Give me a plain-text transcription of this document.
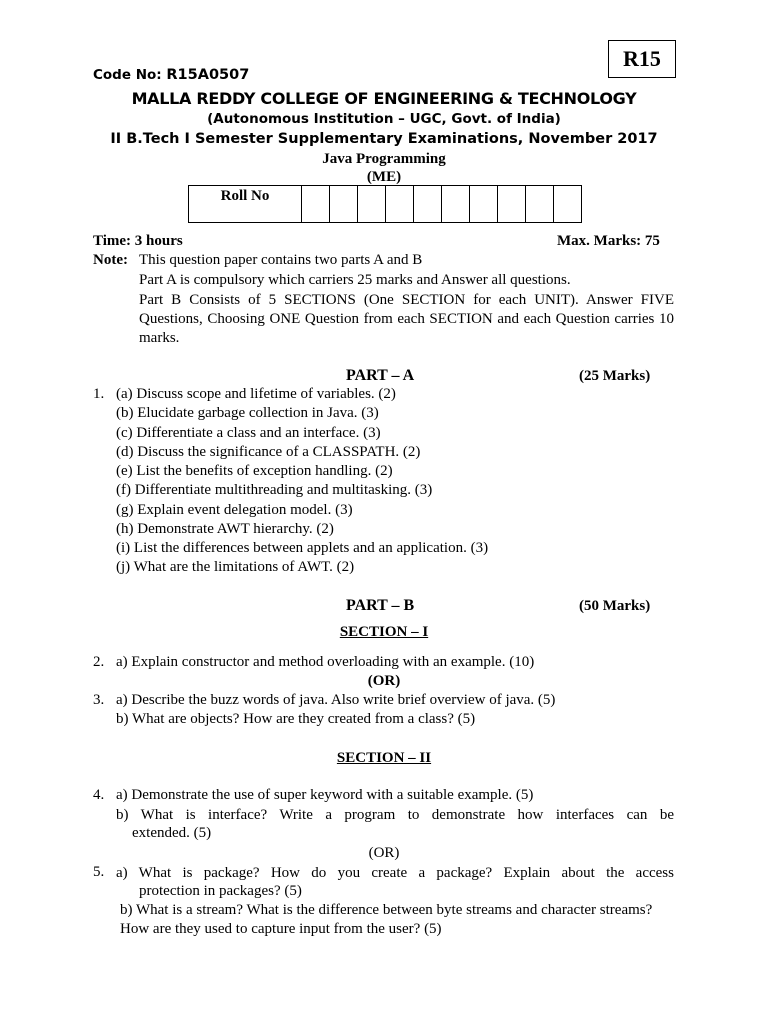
R15
Code No: R15A0507
MALLA REDDY COLLEGE OF ENGINEERING & TECHNOLOGY
(Autonomous Institution – UGC, Govt. of India)
II B.Tech I Semester Supplementary Examinations, November 2017
Java Programming
(ME)
Roll No										
Time: 3 hours	Max. Marks: 75
Note: This question paper contains two parts A and B
Part A is compulsory which carriers 25 marks and Answer all questions.
Part B Consists of 5 SECTIONS (One SECTION for each UNIT). Answer FIVE Questions, Choosing ONE Question from each SECTION and each Question carries 10 marks.
PART – A	(25 Marks)
1. (a) Discuss scope and lifetime of variables. (2)
(b) Elucidate garbage collection in Java. (3)
(c) Differentiate a class and an interface. (3)
(d) Discuss the significance of a CLASSPATH. (2)
(e) List the benefits of exception handling. (2)
(f) Differentiate multithreading and multitasking. (3)
(g) Explain event delegation model. (3)
(h) Demonstrate AWT hierarchy. (2)
(i) List the differences between applets and an application. (3)
(j) What are the limitations of AWT. (2)
PART – B	(50 Marks)
SECTION – I
2. a) Explain constructor and method overloading with an example. (10)
(OR)
3. a) Describe the buzz words of java. Also write brief overview of java. (5)
b) What are objects? How are they created from a class? (5)
SECTION – II
4. a) Demonstrate the use of super keyword with a suitable example. (5)
b) What is interface? Write a program to demonstrate how interfaces can be
extended. (5)
(OR)
5. a) What is package? How do you create a package? Explain about the access
protection in packages? (5)
b) What is a stream? What is the difference between byte streams and character streams?
How are they used to capture input from the user? (5)
